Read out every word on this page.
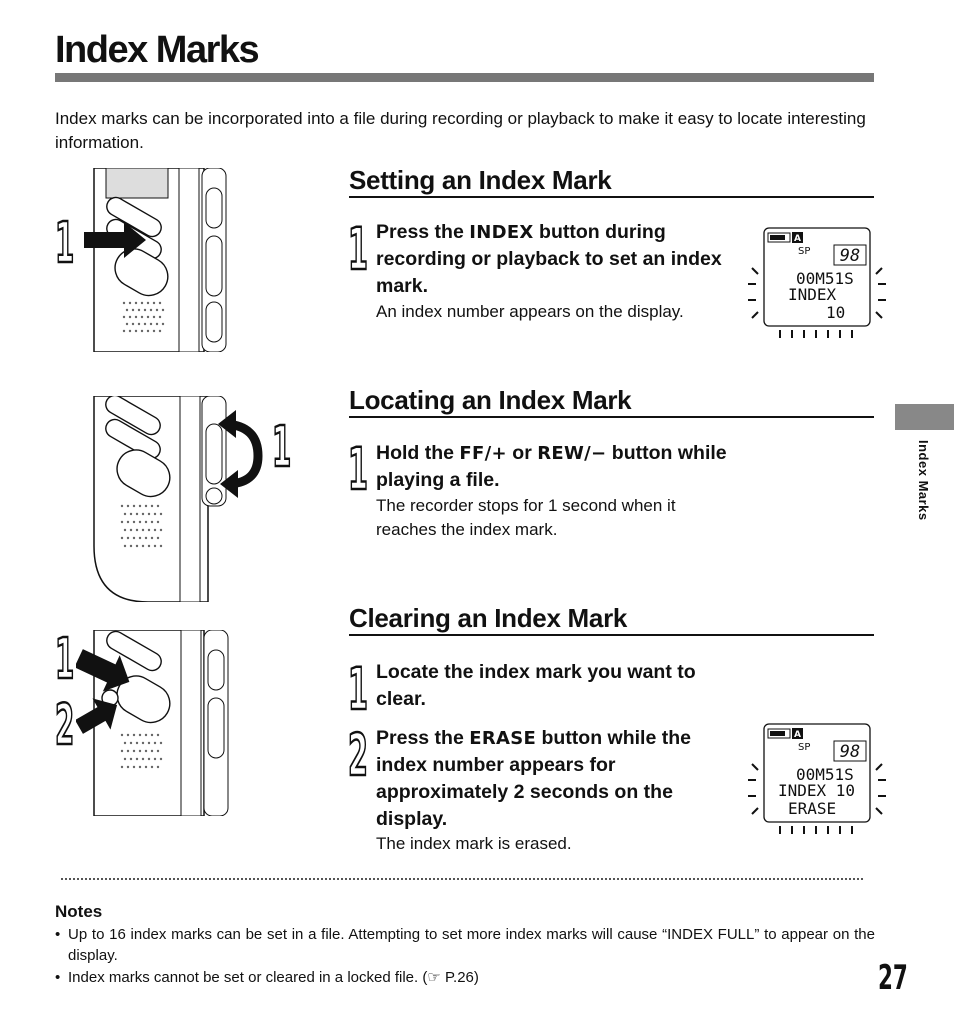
Index Marks
Index marks can be incorporated into a file during recording or playback to make it easy to locate interesting information.
1
1
1
2
Setting an Index Mark
1 Press the INDEX button during recording or playback to set an index mark.
An index number appears on the display.
A
SP 98
00M51S
INDEX
10
Locating an Index Mark
1 Hold the FF/+ or REW/− button while playing a file.
The recorder stops for 1 second when it reaches the index mark.
Clearing an Index Mark
1 Locate the index mark you want to clear.
2 Press the ERASE button while the index number appears for approximately 2 seconds on the display.
The index mark is erased.
A
SP 98
00M51S
INDEX 10
ERASE
Notes
• Up to 16 index marks can be set in a file. Attempting to set more index marks will cause “INDEX FULL” to appear on the display.
• Index marks cannot be set or cleared in a locked file. (☞ P.26)
Index Marks
27
